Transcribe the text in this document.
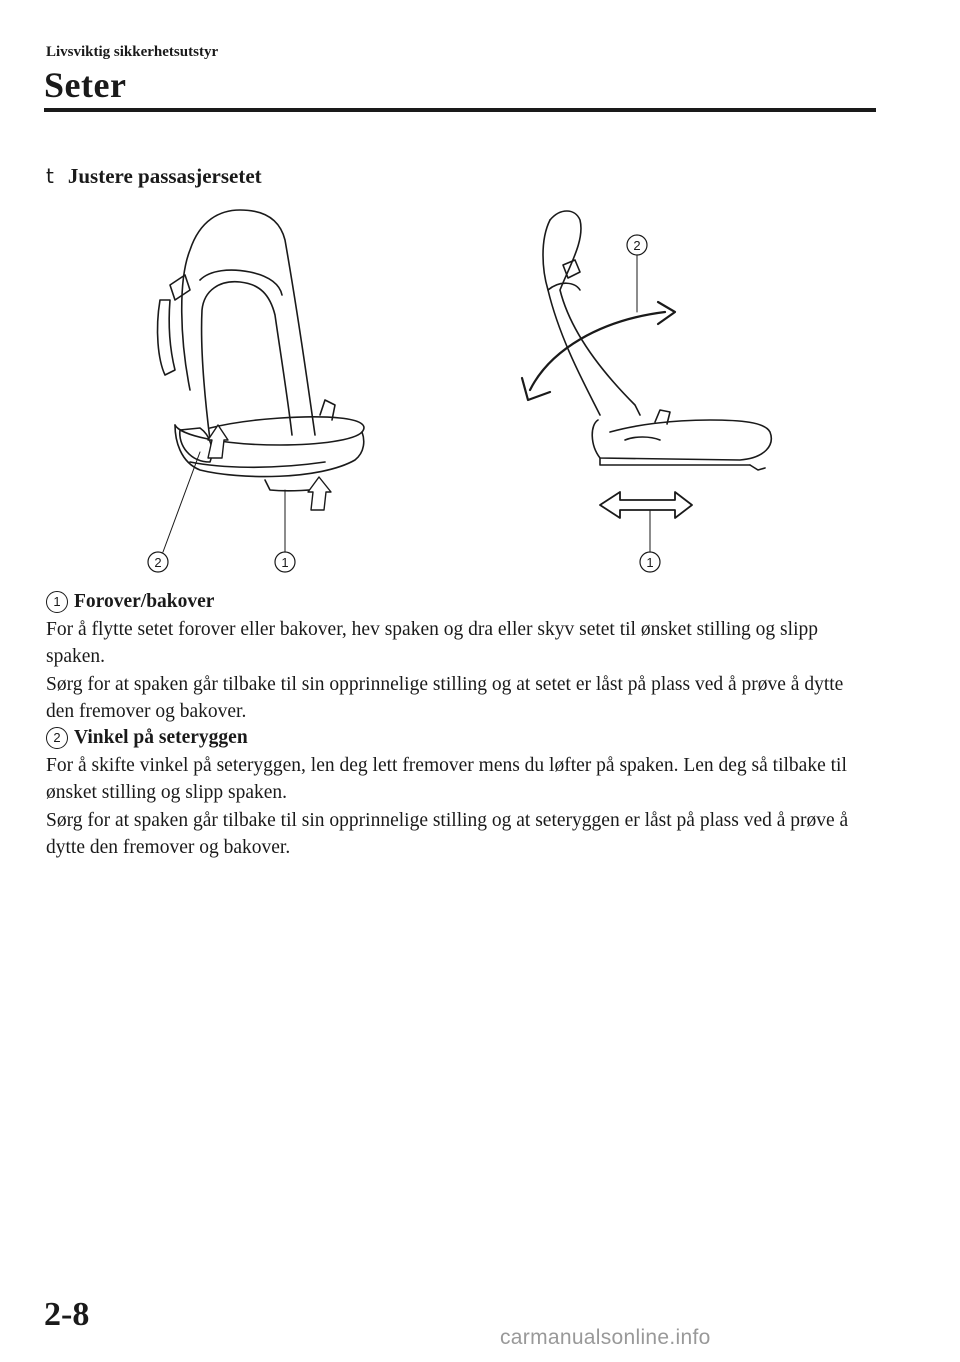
Livsviktig sikkerhetsutstyr
Seter
t Justere passasjersetet
2	1
2
1
1 Forover/bakover
For å flytte setet forover eller bakover, hev spaken og dra eller skyv setet til ønsket stilling og slipp spaken.
Sørg for at spaken går tilbake til sin opprinnelige stilling og at setet er låst på plass ved å prøve å dytte den fremover og bakover.
2 Vinkel på seteryggen
For å skifte vinkel på seteryggen, len deg lett fremover mens du løfter på spaken. Len deg så tilbake til ønsket stilling og slipp spaken.
Sørg for at spaken går tilbake til sin opprinnelige stilling og at seteryggen er låst på plass ved å prøve å dytte den fremover og bakover.
2-8
carmanualsonline.info
